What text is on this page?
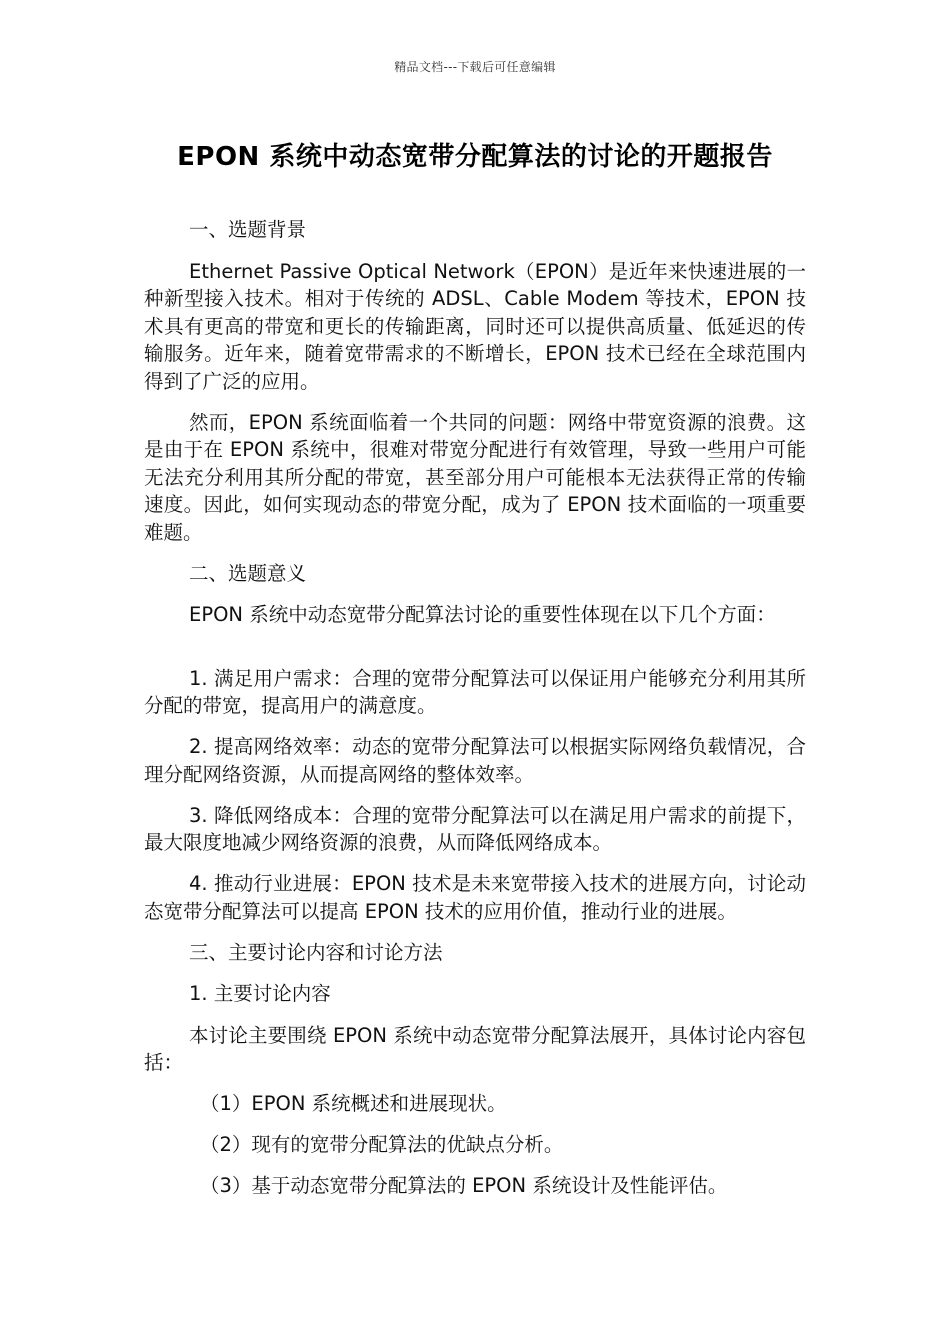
精品文档---下载后可任意编辑
EPON 系统中动态宽带分配算法的讨论的开题报告

一、选题背景

Ethernet Passive Optical Network（EPON）是近年来快速进展的一种新型接入技术。相对于传统的 ADSL、Cable Modem 等技术，EPON 技术具有更高的带宽和更长的传输距离，同时还可以提供高质量、低延迟的传输服务。近年来，随着宽带需求的不断增长，EPON 技术已经在全球范围内得到了广泛的应用。

然而，EPON 系统面临着一个共同的问题：网络中带宽资源的浪费。这是由于在 EPON 系统中，很难对带宽分配进行有效管理，导致一些用户可能无法充分利用其所分配的带宽，甚至部分用户可能根本无法获得正常的传输速度。因此，如何实现动态的带宽分配，成为了 EPON 技术面临的一项重要难题。

二、选题意义

EPON 系统中动态宽带分配算法讨论的重要性体现在以下几个方面：

1. 满足用户需求：合理的宽带分配算法可以保证用户能够充分利用其所分配的带宽，提高用户的满意度。

2. 提高网络效率：动态的宽带分配算法可以根据实际网络负载情况，合理分配网络资源，从而提高网络的整体效率。

3. 降低网络成本：合理的宽带分配算法可以在满足用户需求的前提下，最大限度地减少网络资源的浪费，从而降低网络成本。

4. 推动行业进展：EPON 技术是未来宽带接入技术的进展方向，讨论动态宽带分配算法可以提高 EPON 技术的应用价值，推动行业的进展。

三、主要讨论内容和讨论方法

1. 主要讨论内容

本讨论主要围绕 EPON 系统中动态宽带分配算法展开，具体讨论内容包括：

（1）EPON 系统概述和进展现状。

（2）现有的宽带分配算法的优缺点分析。

（3）基于动态宽带分配算法的 EPON 系统设计及性能评估。
